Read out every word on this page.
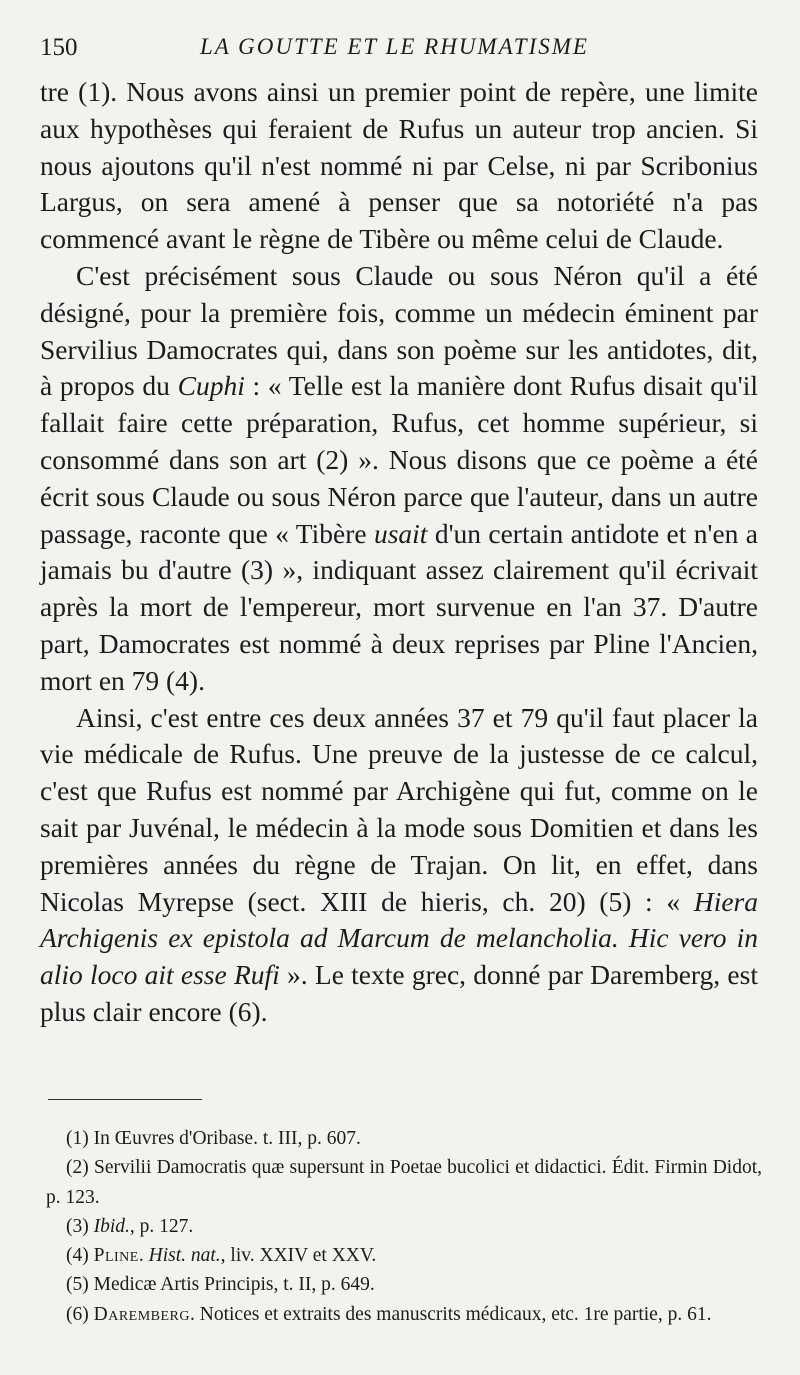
150	LA GOUTTE ET LE RHUMATISME

tre (1). Nous avons ainsi un premier point de repère, une limite aux hypothèses qui feraient de Rufus un auteur trop ancien. Si nous ajoutons qu'il n'est nommé ni par Celse, ni par Scribonius Largus, on sera amené à penser que sa notoriété n'a pas commencé avant le règne de Tibère ou même celui de Claude.

C'est précisément sous Claude ou sous Néron qu'il a été désigné, pour la première fois, comme un médecin éminent par Servilius Damocrates qui, dans son poème sur les antidotes, dit, à propos du Cuphi : « Telle est la manière dont Rufus disait qu'il fallait faire cette préparation, Rufus, cet homme supérieur, si consommé dans son art (2) ». Nous disons que ce poème a été écrit sous Claude ou sous Néron parce que l'auteur, dans un autre passage, raconte que « Tibère usait d'un certain antidote et n'en a jamais bu d'autre (3) », indiquant assez clairement qu'il écrivait après la mort de l'empereur, mort survenue en l'an 37. D'autre part, Damocrates est nommé à deux reprises par Pline l'Ancien, mort en 79 (4).

Ainsi, c'est entre ces deux années 37 et 79 qu'il faut placer la vie médicale de Rufus. Une preuve de la justesse de ce calcul, c'est que Rufus est nommé par Archigène qui fut, comme on le sait par Juvénal, le médecin à la mode sous Domitien et dans les premières années du règne de Trajan. On lit, en effet, dans Nicolas Myrepse (sect. XIII de hieris, ch. 20) (5) : « Hiera Archigenis ex epistola ad Marcum de melancholia. Hic vero in alio loco ait esse Rufi ». Le texte grec, donné par Daremberg, est plus clair encore (6).

(1) In Œuvres d'Oribase. t. III, p. 607.

(2) Servilii Damocratis quæ supersunt in Poetae bucolici et didactici. Édit. Firmin Didot, p. 123.

(3) Ibid., p. 127.

(4) Pline. Hist. nat., liv. XXIV et XXV.

(5) Medicæ Artis Principis, t. II, p. 649.

(6) Daremberg. Notices et extraits des manuscrits médicaux, etc. 1re partie, p. 61.
